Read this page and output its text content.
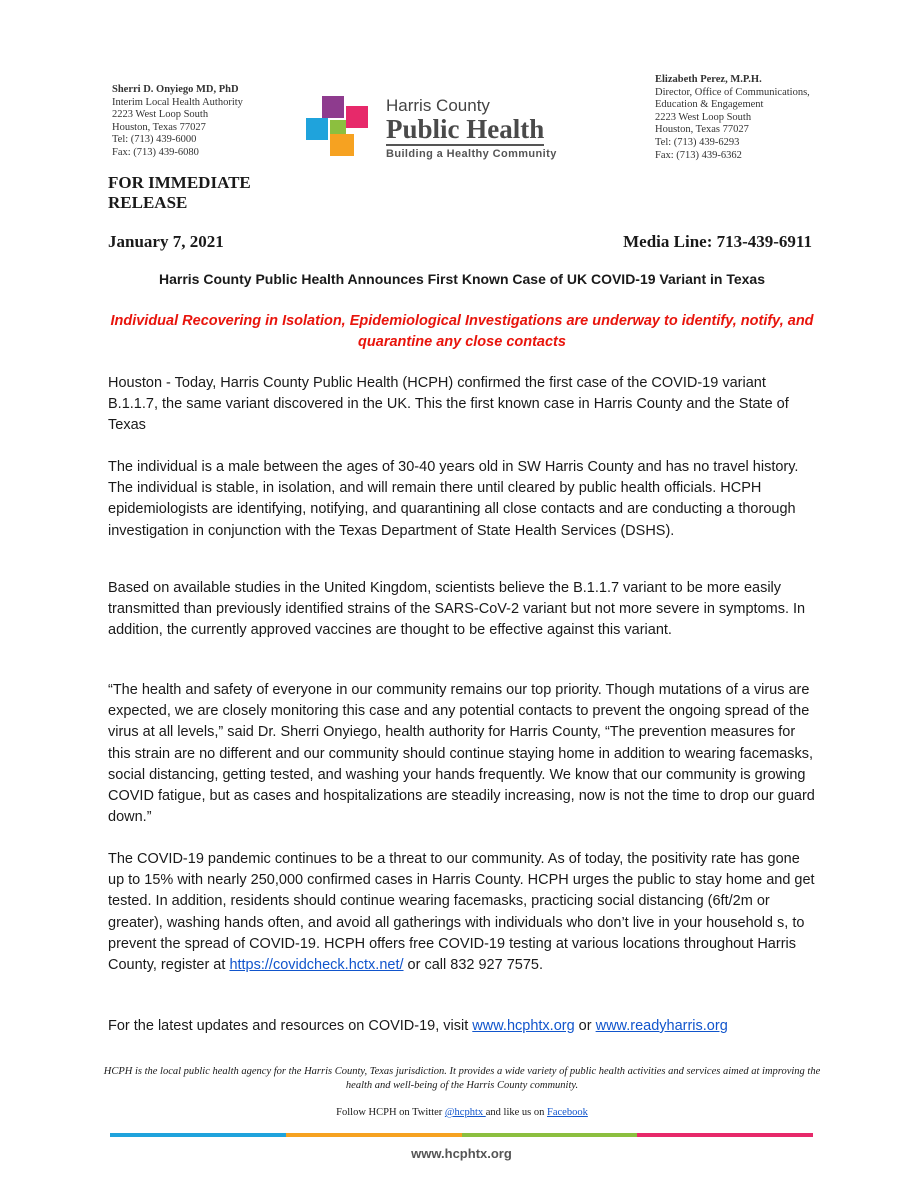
Sherri D. Onyiego MD, PhD
Interim Local Health Authority
2223 West Loop South
Houston, Texas 77027
Tel: (713) 439-6000
Fax: (713) 439-6080
Elizabeth Perez, M.P.H.
Director, Office of Communications,
Education & Engagement
2223 West Loop South
Houston, Texas 77027
Tel: (713) 439-6293
Fax: (713) 439-6362
Harris County
Public Health
Building a Healthy Community
FOR IMMEDIATE
RELEASE
January 7, 2021	Media Line: 713-439-6911
Harris County Public Health Announces First Known Case of UK COVID-19 Variant in Texas
Individual Recovering in Isolation, Epidemiological Investigations are underway to identify, notify, and quarantine any close contacts

Houston - Today, Harris County Public Health (HCPH) confirmed the first case of the COVID-19 variant B.1.1.7, the same variant discovered in the UK. This the first known case in Harris County and the State of Texas

The individual is a male between the ages of 30-40 years old in SW Harris County and has no travel history. The individual is stable, in isolation, and will remain there until cleared by public health officials. HCPH epidemiologists are identifying, notifying, and quarantining all close contacts and are conducting a thorough investigation in conjunction with the Texas Department of State Health Services (DSHS).

Based on available studies in the United Kingdom, scientists believe the B.1.1.7 variant to be more easily transmitted than previously identified strains of the SARS-CoV-2 variant but not more severe in symptoms. In addition, the currently approved vaccines are thought to be effective against this variant.

“The health and safety of everyone in our community remains our top priority. Though mutations of a virus are expected, we are closely monitoring this case and any potential contacts to prevent the ongoing spread of the virus at all levels,” said Dr. Sherri Onyiego, health authority for Harris County, “The prevention measures for this strain are no different and our community should continue staying home in addition to wearing facemasks, social distancing, getting tested, and washing your hands frequently. We know that our community is growing COVID fatigue, but as cases and hospitalizations are steadily increasing, now is not the time to drop our guard down.”

The COVID-19 pandemic continues to be a threat to our community. As of today, the positivity rate has gone up to 15% with nearly 250,000 confirmed cases in Harris County. HCPH urges the public to stay home and get tested. In addition, residents should continue wearing facemasks, practicing social distancing (6ft/2m or greater), washing hands often, and avoid all gatherings with individuals who don’t live in your household s, to prevent the spread of COVID-19. HCPH offers free COVID-19 testing at various locations throughout Harris County, register at https://covidcheck.hctx.net/ or call 832 927 7575.

For the latest updates and resources on COVID-19, visit www.hcphtx.org or www.readyharris.org

HCPH is the local public health agency for the Harris County, Texas jurisdiction. It provides a wide variety of public health activities and services aimed at improving the health and well-being of the Harris County community.
Follow HCPH on Twitter @hcphtx and like us on Facebook
www.hcphtx.org
